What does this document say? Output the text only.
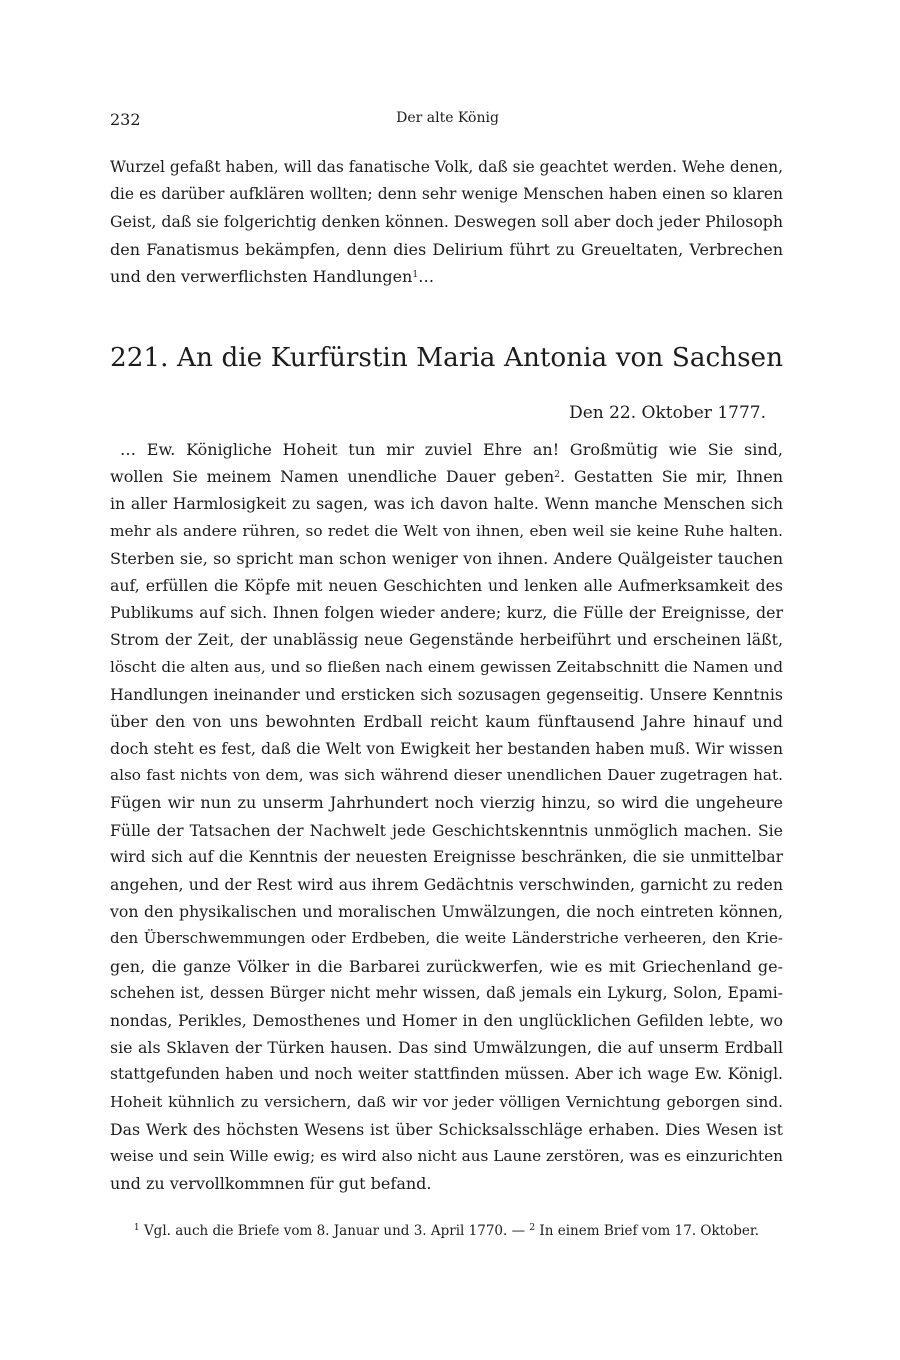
232	Der alte König
Wurzel gefaßt haben, will das fanatische Volk, daß sie geachtet werden. Wehe denen,
die es darüber aufklären wollten; denn sehr wenige Menschen haben einen so klaren
Geist, daß sie folgerichtig denken können. Deswegen soll aber doch jeder Philosoph
den Fanatismus bekämpfen, denn dies Delirium führt zu Greueltaten, Verbrechen
und den verwerflichsten Handlungen$^1$…
221. An die Kurfürstin Maria Antonia von Sachsen
Den 22. Oktober 1777.
… Ew. Königliche Hoheit tun mir zuviel Ehre an! Großmütig wie Sie sind,
wollen Sie meinem Namen unendliche Dauer geben$^2$. Gestatten Sie mir, Ihnen
in aller Harmlosigkeit zu sagen, was ich davon halte. Wenn manche Menschen sich
mehr als andere rühren, so redet die Welt von ihnen, eben weil sie keine Ruhe halten.
Sterben sie, so spricht man schon weniger von ihnen. Andere Quälgeister tauchen
auf, erfüllen die Köpfe mit neuen Geschichten und lenken alle Aufmerksamkeit des
Publikums auf sich. Ihnen folgen wieder andere; kurz, die Fülle der Ereignisse, der
Strom der Zeit, der unablässig neue Gegenstände herbeiführt und erscheinen läßt,
löscht die alten aus, und so fließen nach einem gewissen Zeitabschnitt die Namen und
Handlungen ineinander und ersticken sich sozusagen gegenseitig. Unsere Kenntnis
über den von uns bewohnten Erdball reicht kaum fünftausend Jahre hinauf und
doch steht es fest, daß die Welt von Ewigkeit her bestanden haben muß. Wir wissen
also fast nichts von dem, was sich während dieser unendlichen Dauer zugetragen hat.
Fügen wir nun zu unserm Jahrhundert noch vierzig hinzu, so wird die ungeheure
Fülle der Tatsachen der Nachwelt jede Geschichtskenntnis unmöglich machen. Sie
wird sich auf die Kenntnis der neuesten Ereignisse beschränken, die sie unmittelbar
angehen, und der Rest wird aus ihrem Gedächtnis verschwinden, garnicht zu reden
von den physikalischen und moralischen Umwälzungen, die noch eintreten können,
den Überschwemmungen oder Erdbeben, die weite Länderstriche verheeren, den Krie-
gen, die ganze Völker in die Barbarei zurückwerfen, wie es mit Griechenland ge-
schehen ist, dessen Bürger nicht mehr wissen, daß jemals ein Lykurg, Solon, Epami-
nondas, Perikles, Demosthenes und Homer in den unglücklichen Gefilden lebte, wo
sie als Sklaven der Türken hausen. Das sind Umwälzungen, die auf unserm Erdball
stattgefunden haben und noch weiter stattfinden müssen. Aber ich wage Ew. Königl.
Hoheit kühnlich zu versichern, daß wir vor jeder völligen Vernichtung geborgen sind.
Das Werk des höchsten Wesens ist über Schicksalsschläge erhaben. Dies Wesen ist
weise und sein Wille ewig; es wird also nicht aus Laune zerstören, was es einzurichten
und zu vervollkommnen für gut befand.
$^1$ Vgl. auch die Briefe vom 8. Januar und 3. April 1770. — $^2$ In einem Brief vom 17. Oktober.
